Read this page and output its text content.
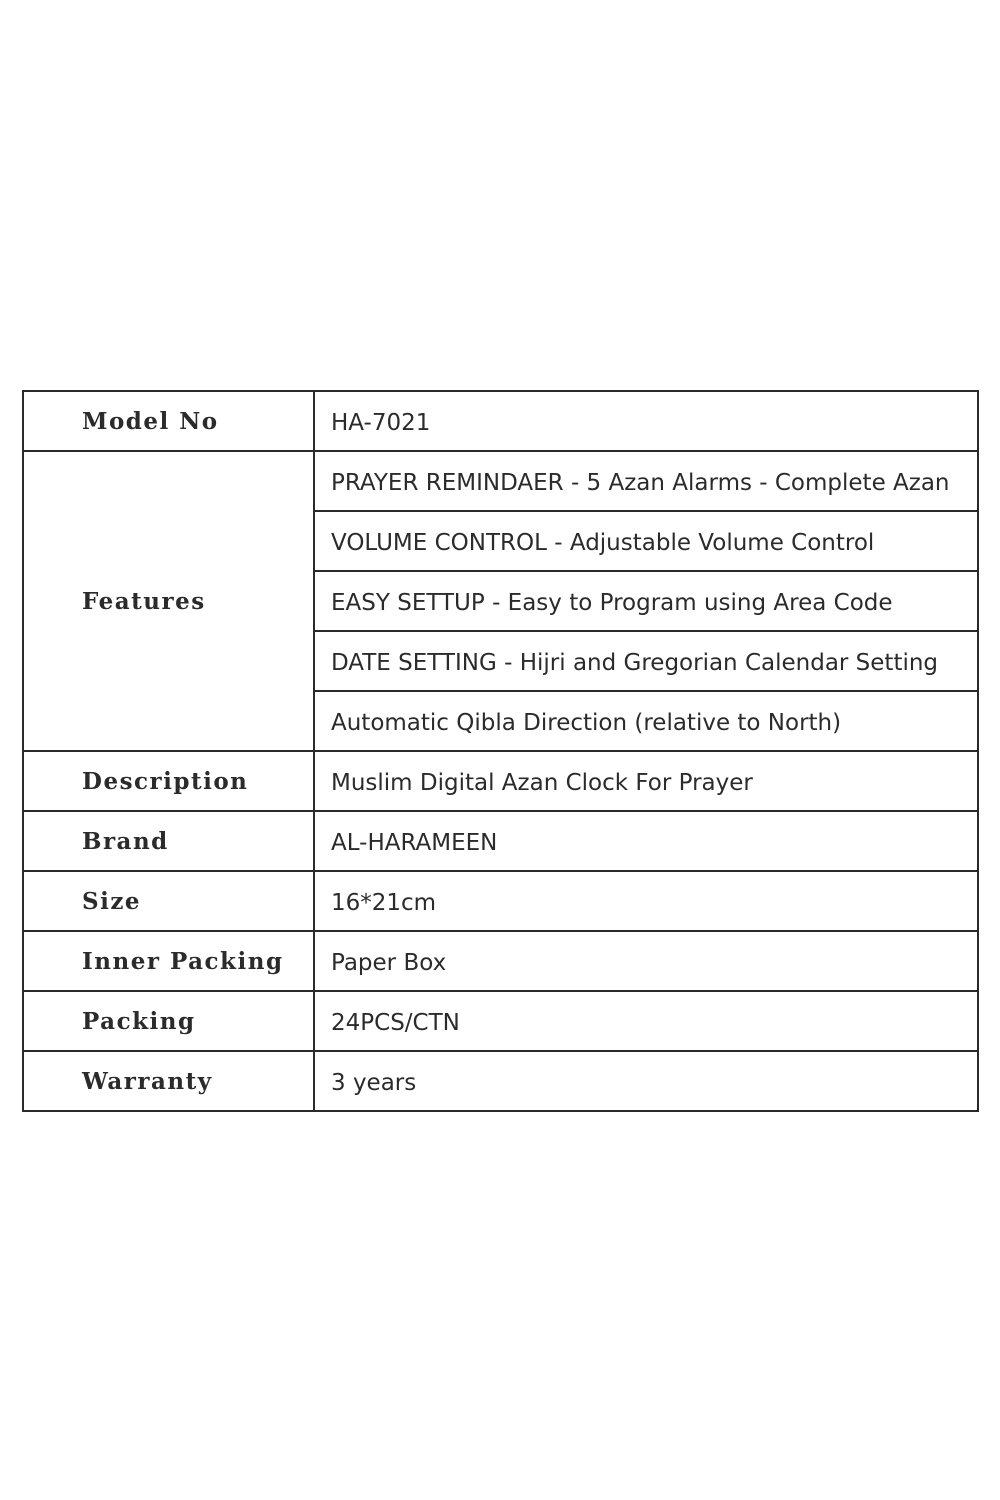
Model No	HA-7021
Features	PRAYER REMINDAER - 5 Azan Alarms - Complete Azan
	VOLUME CONTROL - Adjustable Volume Control
	EASY SETTUP - Easy to Program using Area Code
	DATE SETTING - Hijri and Gregorian Calendar Setting
	Automatic Qibla Direction (relative to North)
Description	Muslim Digital Azan Clock For Prayer
Brand	AL-HARAMEEN
Size	16*21cm
Inner Packing	Paper Box
Packing	24PCS/CTN
Warranty	3 years
